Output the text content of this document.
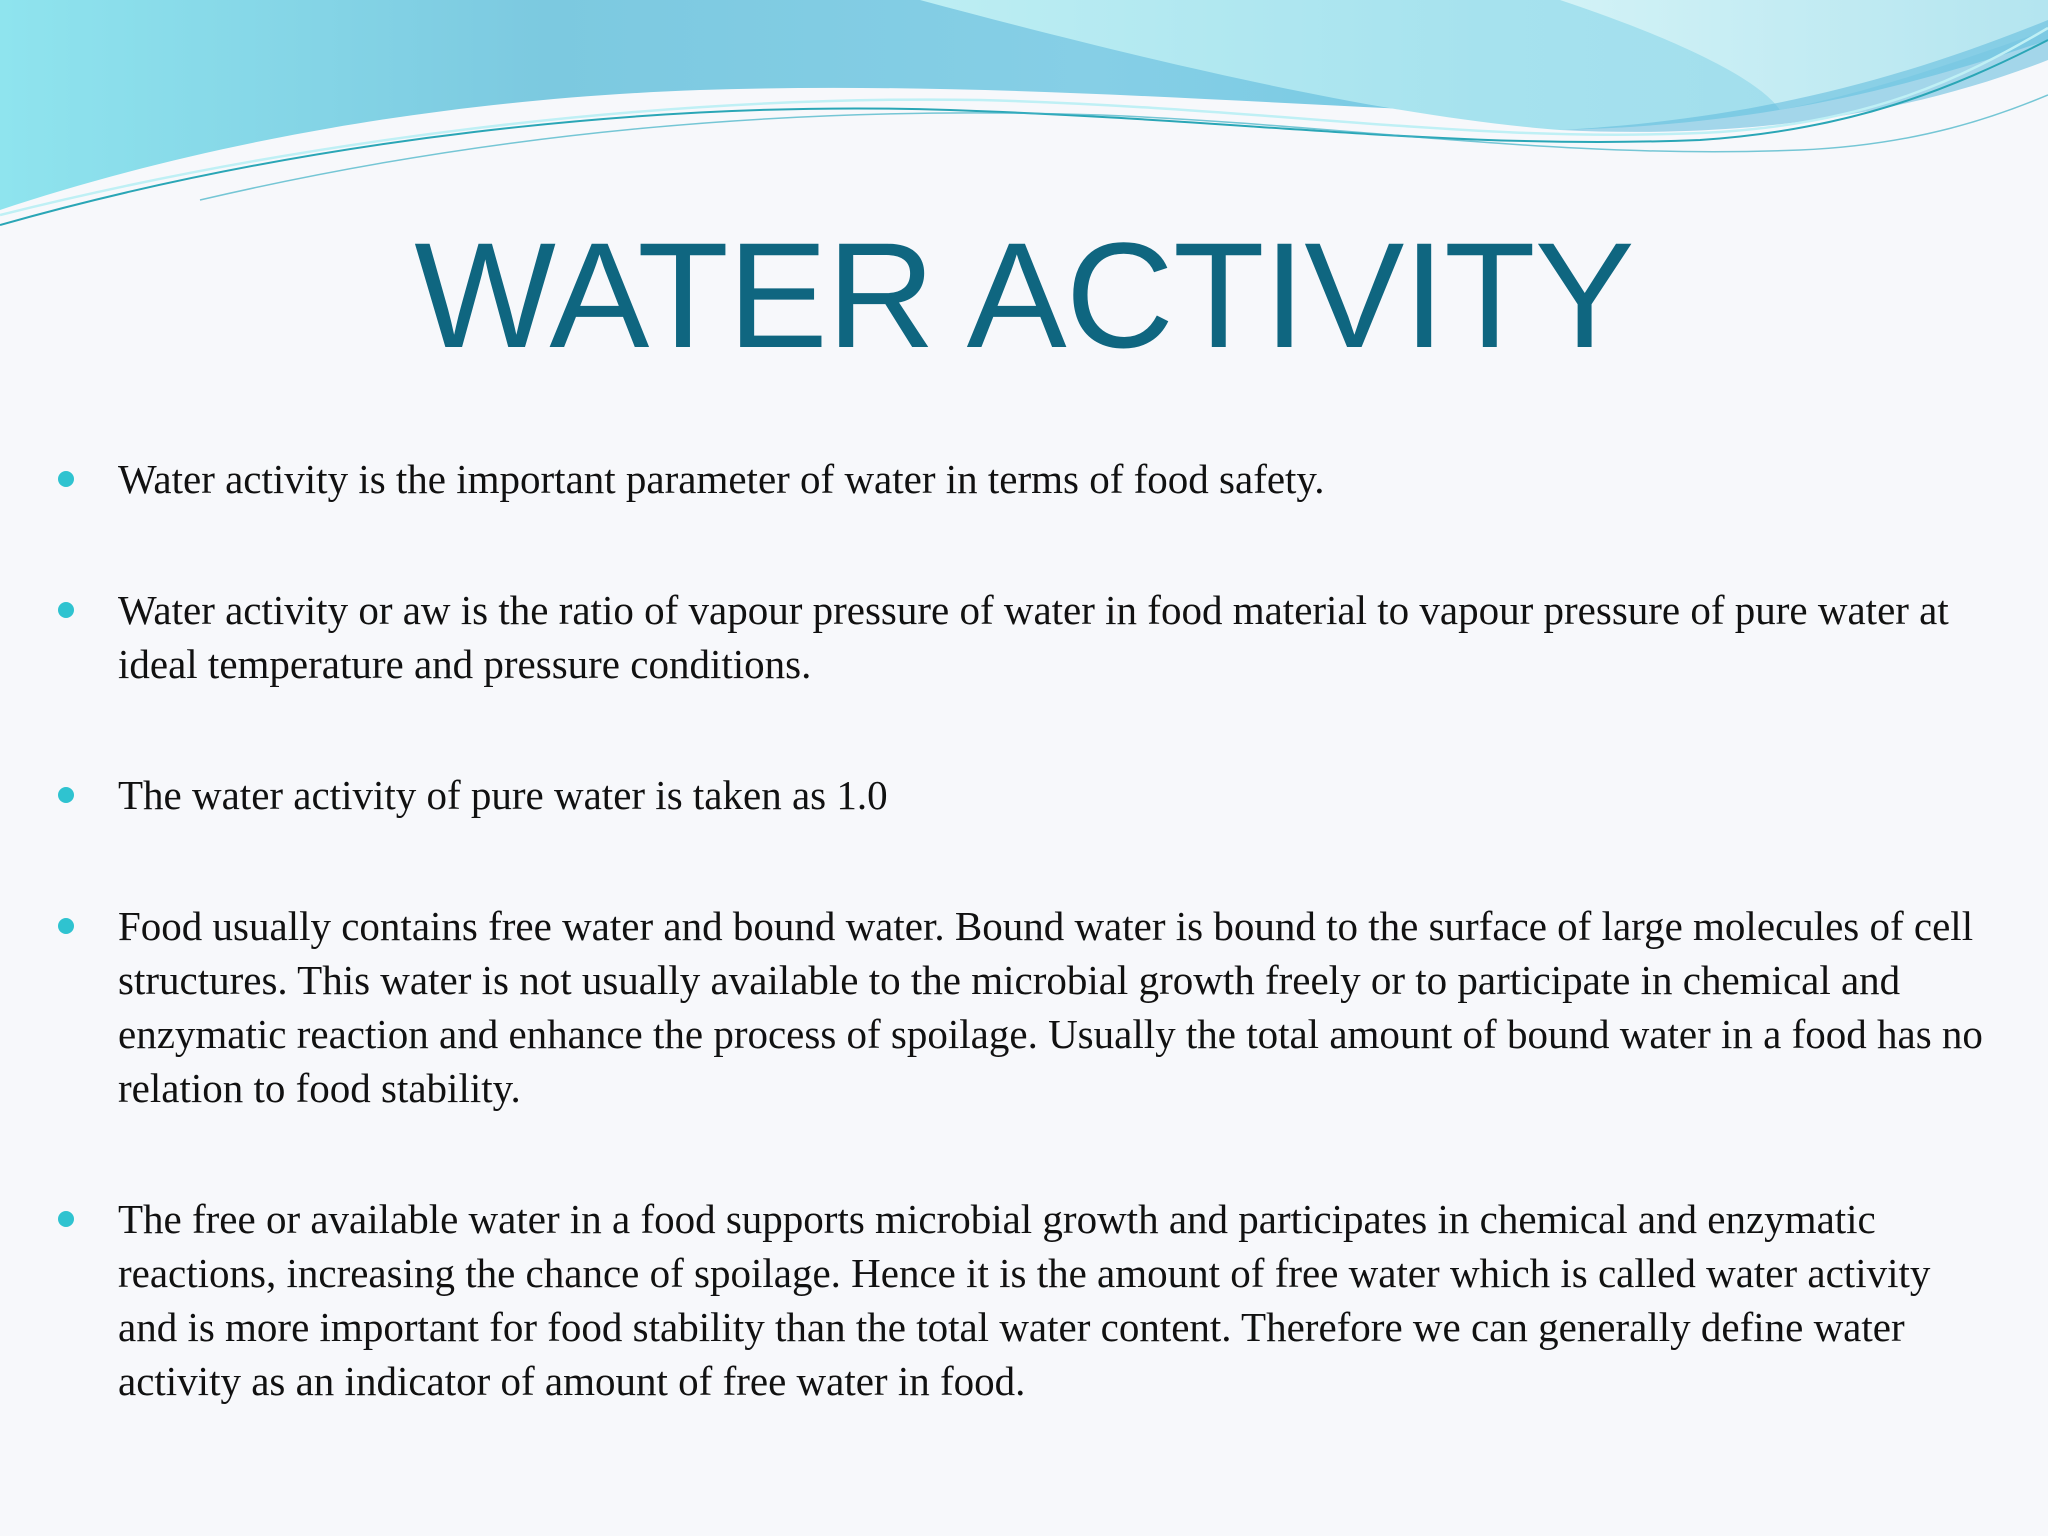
WATER ACTIVITY
Water activity is the important parameter of water in terms of food safety.
Water activity or aw is the ratio of vapour pressure of water in food material to vapour pressure of pure water at ideal temperature and pressure conditions.
The water activity of pure water is taken as 1.0
Food usually contains free water and bound water. Bound water is bound to the surface of large molecules of cell structures. This water is not usually available to the microbial growth freely or to participate in chemical and enzymatic reaction and enhance the process of spoilage. Usually the total amount of bound water in a food has no relation to food stability.
The free or available water in a food supports microbial growth and participates in chemical and enzymatic reactions, increasing the chance of spoilage. Hence it is the amount of free water which is called water activity and is more important for food stability than the total water content. Therefore we can generally define water activity as an indicator of amount of free water in food.
